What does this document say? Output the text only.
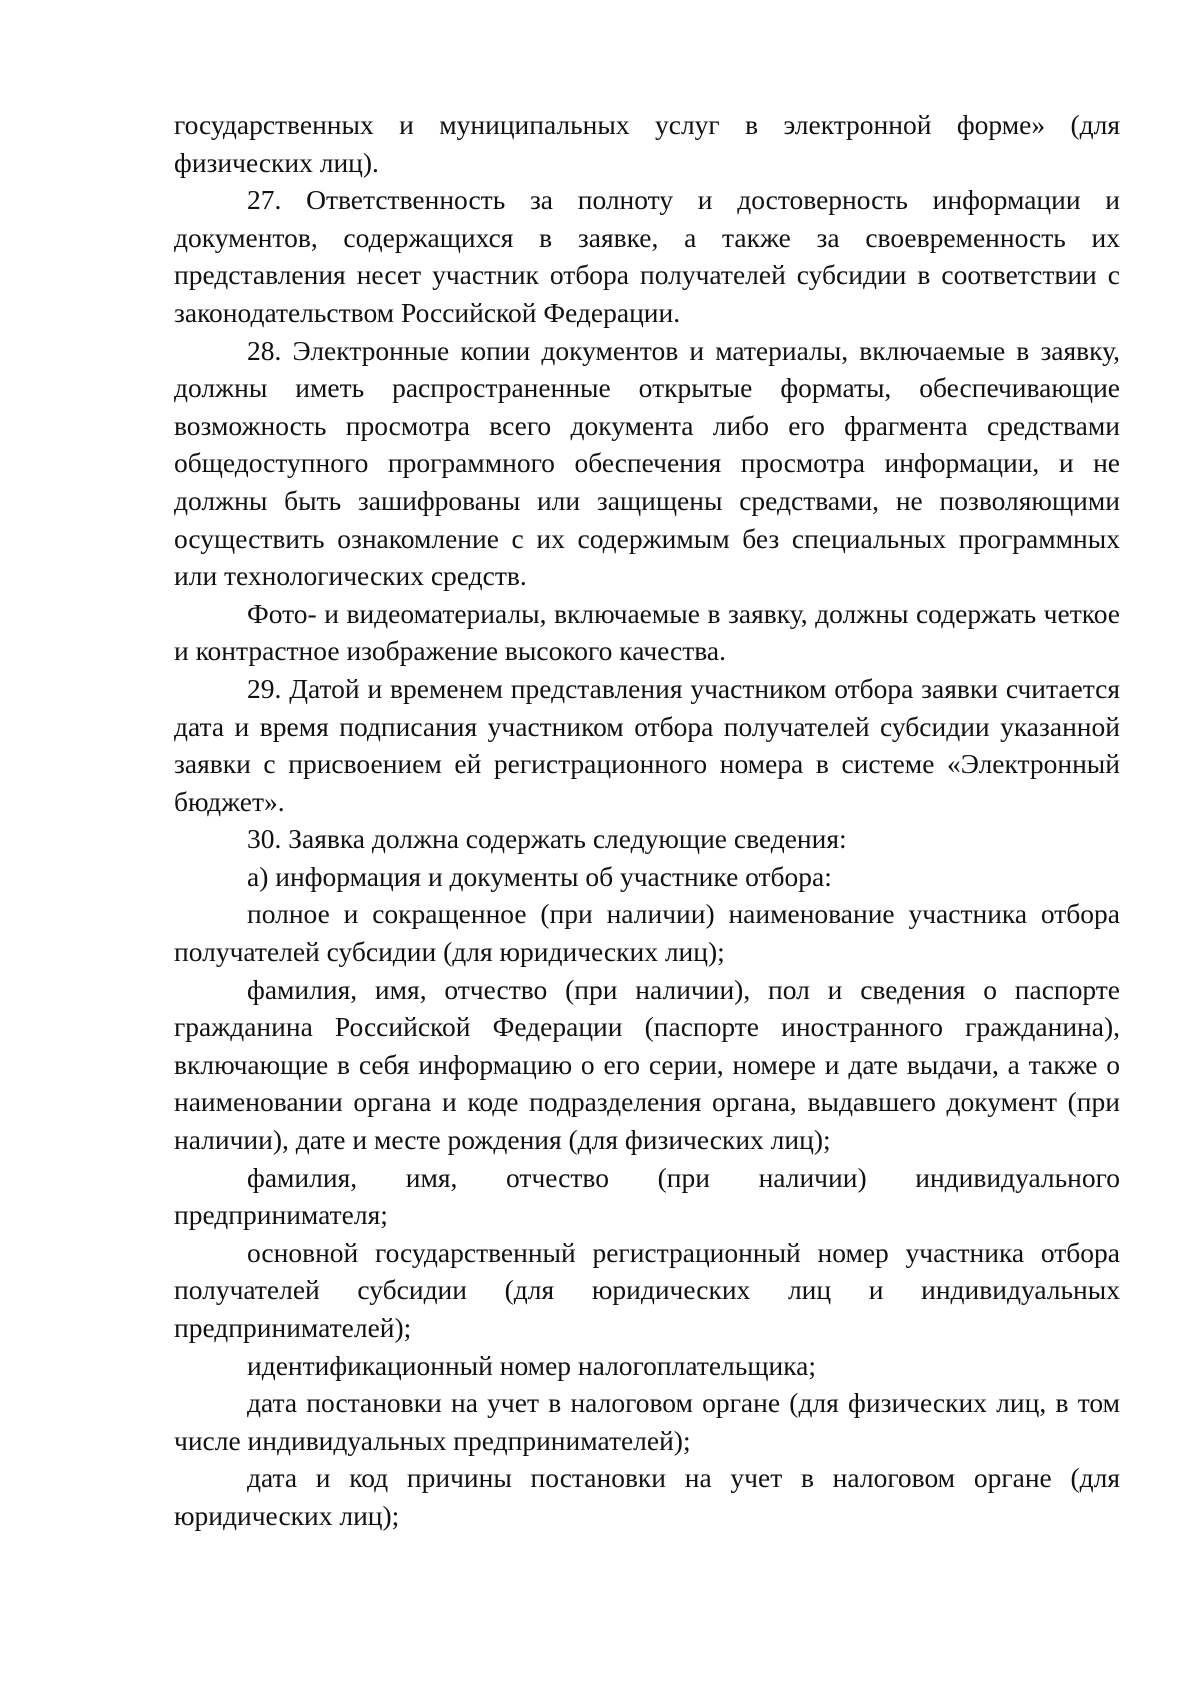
государственных и муниципальных услуг в электронной форме» (для физических лиц).

27. Ответственность за полноту и достоверность информации и документов, содержащихся в заявке, а также за своевременность их представления несет участник отбора получателей субсидии в соответствии с законодательством Российской Федерации.

28. Электронные копии документов и материалы, включаемые в заявку, должны иметь распространенные открытые форматы, обеспечивающие возможность просмотра всего документа либо его фрагмента средствами общедоступного программного обеспечения просмотра информации, и не должны быть зашифрованы или защищены средствами, не позволяющими осуществить ознакомление с их содержимым без специальных программных или технологических средств.

Фото- и видеоматериалы, включаемые в заявку, должны содержать четкое и контрастное изображение высокого качества.

29. Датой и временем представления участником отбора заявки считается дата и время подписания участником отбора получателей субсидии указанной заявки с присвоением ей регистрационного номера в системе «Электронный бюджет».

30. Заявка должна содержать следующие сведения:

а) информация и документы об участнике отбора:

полное и сокращенное (при наличии) наименование участника отбора получателей субсидии (для юридических лиц);

фамилия, имя, отчество (при наличии), пол и сведения о паспорте гражданина Российской Федерации (паспорте иностранного гражданина), включающие в себя информацию о его серии, номере и дате выдачи, а также о наименовании органа и коде подразделения органа, выдавшего документ (при наличии), дате и месте рождения (для физических лиц);

фамилия, имя, отчество (при наличии) индивидуального предпринимателя;

основной государственный регистрационный номер участника отбора получателей субсидии (для юридических лиц и индивидуальных предпринимателей);

идентификационный номер налогоплательщика;

дата постановки на учет в налоговом органе (для физических лиц, в том числе индивидуальных предпринимателей);

дата и код причины постановки на учет в налоговом органе (для юридических лиц);
